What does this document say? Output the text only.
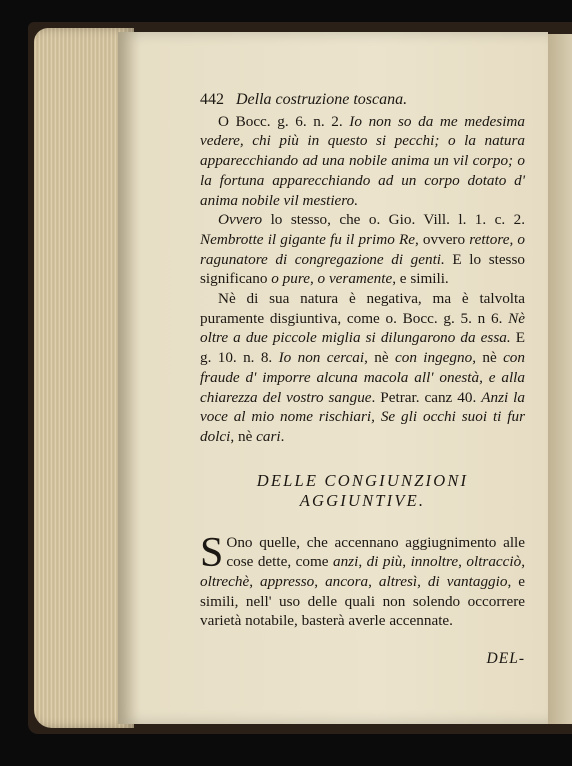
442 Della costruzione toscana.

O Bocc. g. 6. n. 2. Io non so da me medesima vedere, chi più in questo si pecchi; o la natura apparecchiando ad una nobile anima un vil corpo; o la fortuna apparecchiando ad un corpo dotato d' anima nobile vil mestiero.

Ovvero lo stesso, che o. Gio. Vill. l. 1. c. 2. Nembrotte il gigante fu il primo Re, ovvero rettore, o ragunatore di congregazione di genti. E lo stesso significano o pure, o veramente, e simili.

Nè di sua natura è negativa, ma è talvolta puramente disgiuntiva, come o. Bocc. g. 5. n 6. Nè oltre a due piccole miglia si dilungarono da essa. E g. 10. n. 8. Io non cercai, nè con ingegno, nè con fraude d' imporre alcuna macola all' onestà, e alla chiarezza del vostro sangue. Petrar. canz 40. Anzi la voce al mio nome rischiari, Se gli occhi suoi ti fur dolci, nè cari.

DELLE CONGIUNZIONI
AGGIUNTIVE.

S Ono quelle, che accennano aggiugnimento alle cose dette, come anzi, di più, innoltre, oltracciò, oltrechè, appresso, ancora, altresì, di vantaggio, e simili, nell' uso delle quali non solendo occorrere varietà notabile, basterà averle accennate.

DEL-
